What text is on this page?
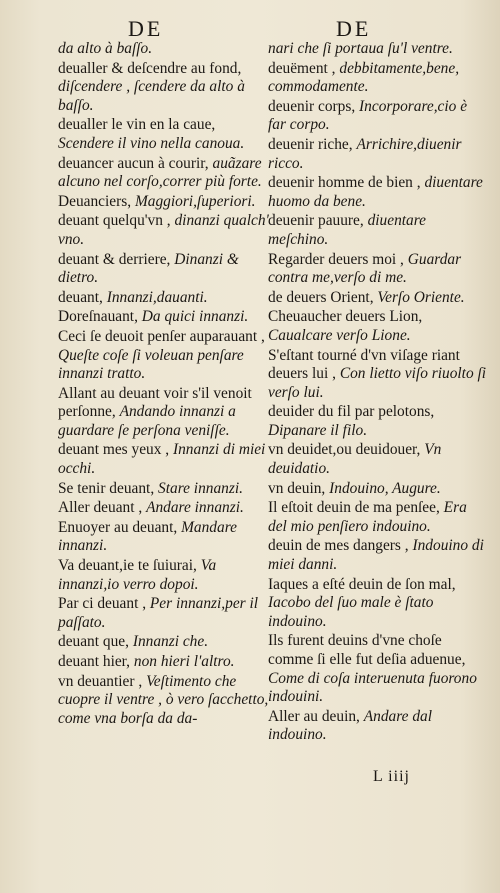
DE	DE
da alto à baſſo.
deualler & deſcendre au fond, diſcendere , ſcendere da alto à baſſo.
deualler le vin en la caue, Scendere il vino nella canoua.
deuancer aucun à courir, auãzare alcuno nel corſo,correr più forte.
Deuanciers, Maggiori,ſuperiori.
deuant quelqu'vn , dinanzi qualch' vno.
deuant & derriere, Dinanzi & dietro.
deuant, Innanzi,dauanti.
Doreſnauant, Da quici innanzi.
Ceci ſe deuoit penſer auparauant , Queſte coſe ſi voleuan penſare innanzi tratto.
Allant au deuant voir s'il venoit perſonne, Andando innanzi a guardare ſe perſona veniſſe.
deuant mes yeux , Innanzi di miei occhi.
Se tenir deuant, Stare innanzi.
Aller deuant , Andare innanzi.
Enuoyer au deuant, Mandare innanzi.
Va deuant,ie te ſuiurai, Va innanzi,io verro dopoi.
Par ci deuant , Per innanzi,per il paſſato.
deuant que, Innanzi che.
deuant hier, non hieri l'altro.
vn deuantier , Veſtimento che cuopre il ventre , ò vero ſacchetto, come vna borſa da da-
nari che ſi portaua ſu'l ventre.
deuëment , debbitamente,bene, commodamente.
deuenir corps, Incorporare,cio è far corpo.
deuenir riche, Arrichire,diuenir ricco.
deuenir homme de bien , diuentare huomo da bene.
deuenir pauure, diuentare meſchino.
Regarder deuers moi , Guardar contra me,verſo di me.
de deuers Orient, Verſo Oriente.
Cheuaucher deuers Lion, Caualcare verſo Lione.
S'eſtant tourné d'vn viſage riant deuers lui , Con lietto viſo riuolto ſi verſo lui.
deuider du fil par pelotons, Dipanare il filo.
vn deuidet,ou deuidouer, Vn deuidatio.
vn deuin, Indouino, Augure.
Il eſtoit deuin de ma penſee, Era del mio penſiero indouino.
deuin de mes dangers , Indouino di miei danni.
Iaques a eſté deuin de ſon mal, Iacobo del ſuo male è ſtato indouino.
Ils furent deuins d'vne choſe comme ſi elle fut deſia aduenue, Come di coſa interuenuta fuorono indouini.
Aller au deuin, Andare dal indouino.
L iiij
